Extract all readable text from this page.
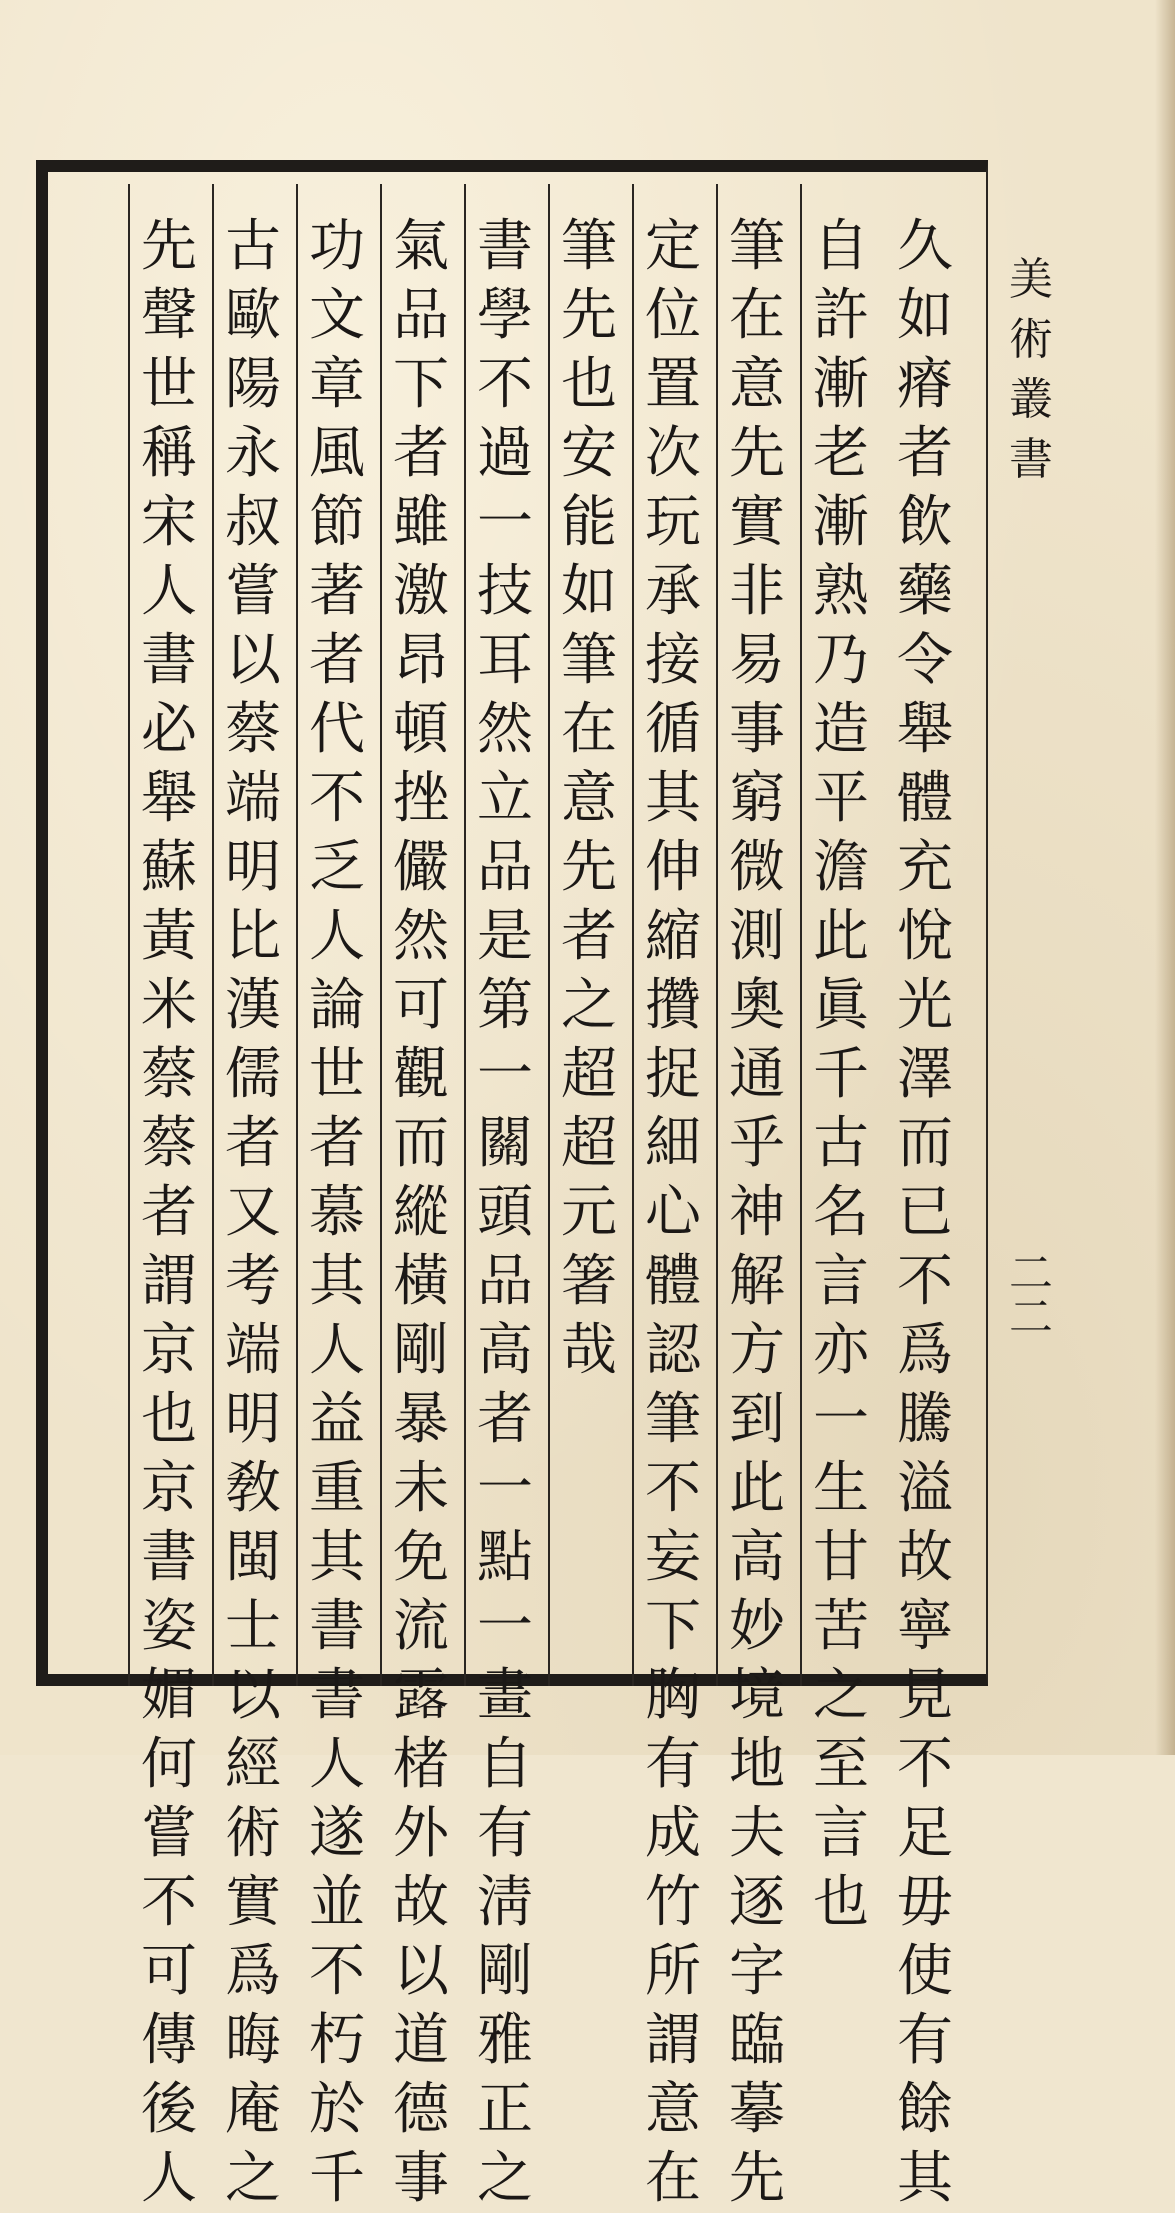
美
術
叢
書
二
二
久
如
瘠
者
飲
藥
令
舉
體
充
悅
光
澤
而
已
不
爲
騰
溢
故
寧
見
不
足
毋
使
有
餘
其
自
許
漸
老
漸
熟
乃
造
平
澹
此
眞
千
古
名
言
亦
一
生
甘
苦
之
至
言
也
筆
在
意
先
實
非
易
事
窮
微
測
奧
通
乎
神
解
方
到
此
高
妙
境
地
夫
逐
字
臨
摹
先
定
位
置
次
玩
承
接
循
其
伸
縮
攢
捉
細
心
體
認
筆
不
妄
下
胸
有
成
竹
所
謂
意
在
筆
先
也
安
能
如
筆
在
意
先
者
之
超
超
元
箸
哉
書
學
不
過
一
技
耳
然
立
品
是
第
一
關
頭
品
高
者
一
點
一
畫
自
有
淸
剛
雅
正
之
氣
品
下
者
雖
激
昂
頓
挫
儼
然
可
觀
而
縱
橫
剛
暴
未
免
流
露
楮
外
故
以
道
德
事
功
文
章
風
節
著
者
代
不
乏
人
論
世
者
慕
其
人
益
重
其
書
書
人
遂
並
不
朽
於
千
古
歐
陽
永
叔
嘗
以
蔡
端
明
比
漢
儒
者
又
考
端
明
敎
閩
士
以
經
術
實
爲
晦
庵
之
先
聲
世
稱
宋
人
書
必
舉
蘇
黃
米
蔡
蔡
者
謂
京
也
京
書
姿
媚
何
嘗
不
可
傳
後
人
